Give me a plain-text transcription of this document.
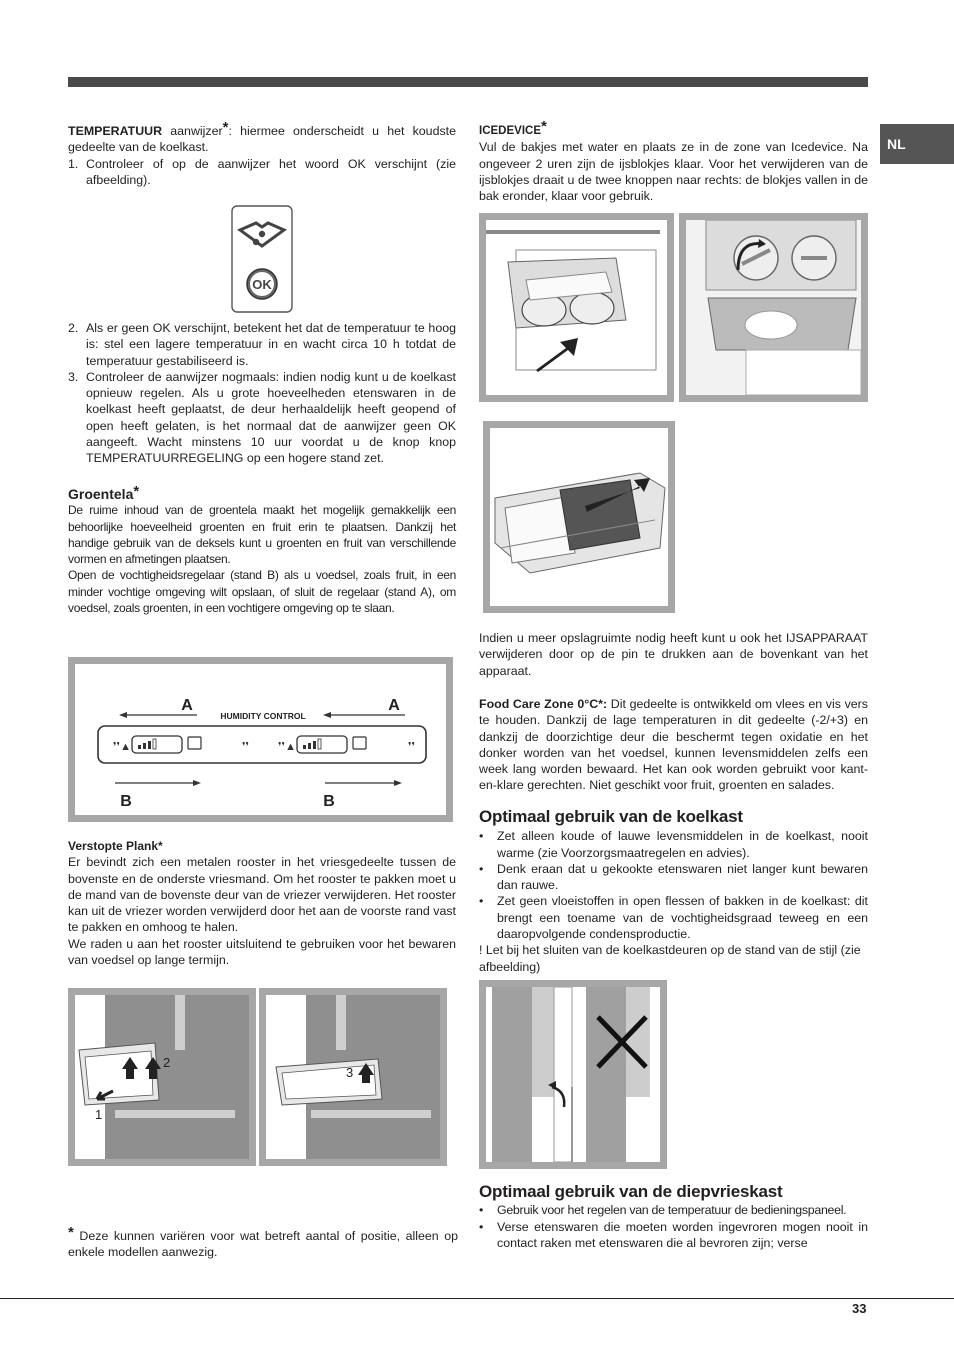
NL

TEMPERATUUR aanwijzer*: hiermee onderscheidt u het koudste gedeelte van de koelkast.

1. Controleer of op de aanwijzer het woord OK verschijnt (zie afbeelding).
OK
2. Als er geen OK verschijnt, betekent het dat de temperatuur te hoog is: stel een lagere temperatuur in en wacht circa 10 h totdat de temperatuur gestabiliseerd is.
3. Controleer de aanwijzer nogmaals: indien nodig kunt u de koelkast opnieuw regelen. Als u grote hoeveelheden etenswaren in de koelkast heeft geplaatst, de deur herhaaldelijk heeft geopend of open heeft gelaten, is het normaal dat de aanwijzer geen OK aangeeft. Wacht minstens 10 uur voordat u de knop knop TEMPERATUURREGELING op een hogere stand zet.

Groentela*

De ruime inhoud van de groentela maakt het mogelijk gemakkelijk een behoorlijke hoeveelheid groenten en fruit erin te plaatsen. Dankzij het handige gebruik van de deksels kunt u groenten en fruit van verschillende vormen en afmetingen plaatsen.

Open de vochtigheidsregelaar (stand B) als u voedsel, zoals fruit, in een minder vochtige omgeving wilt opslaan, of sluit de regelaar (stand A), om voedsel, zoals groenten, in een vochtigere omgeving op te slaan.

A	A
HUMIDITY CONTROL
❜❜▲	❜❜	❜❜▲	❜❜
B	B

Verstopte Plank*

Er bevindt zich een metalen rooster in het vriesgedeelte tussen de bovenste en de onderste vriesmand. Om het rooster te pakken moet u de mand van de bovenste deur van de vriezer verwijderen. Het rooster kan uit de vriezer worden verwijderd door het aan de voorste rand vast te pakken en omhoog te halen.

We raden u aan het rooster uitsluitend te gebruiken voor het bewaren van voedsel op lange termijn.

2
1
3

* Deze kunnen variëren voor wat betreft aantal of positie, alleen op enkele modellen aanwezig.

ICEDEVICE*

Vul de bakjes met water en plaats ze in de zone van Icedevice. Na ongeveer 2 uren zijn de ijsblokjes klaar. Voor het verwijderen van de ijsblokjes draait u de twee knoppen naar rechts: de blokjes vallen in de bak eronder, klaar voor gebruik.

Indien u meer opslagruimte nodig heeft kunt u ook het IJSAPPARAAT verwijderen door op de pin te drukken aan de bovenkant van het apparaat.

Food Care Zone 0°C*: Dit gedeelte is ontwikkeld om vlees en vis vers te houden. Dankzij de lage temperaturen in dit gedeelte (-2/+3) en dankzij de doorzichtige deur die beschermt tegen oxidatie en het donker worden van het voedsel, kunnen levensmiddelen zelfs een week lang worden bewaard. Het kan ook worden gebruikt voor kant-en-klare gerechten. Niet geschikt voor fruit, groenten en salades.

Optimaal gebruik van de koelkast

• Zet alleen koude of lauwe levensmiddelen in de koelkast, nooit warme (zie Voorzorgsmaatregelen en advies).
• Denk eraan dat u gekookte etenswaren niet langer kunt bewaren dan rauwe.
• Zet geen vloeistoffen in open flessen of bakken in de koelkast: dit brengt een toename van de vochtigheidsgraad teweeg en een daaropvolgende condensproductie.

! Let bij het sluiten van de koelkastdeuren op de stand van de stijl (zie afbeelding)

Optimaal gebruik van de diepvrieskast

• Gebruik voor het regelen van de temperatuur de bedieningspaneel.
• Verse etenswaren die moeten worden ingevroren mogen nooit in contact raken met etenswaren die al bevroren zijn; verse
33
